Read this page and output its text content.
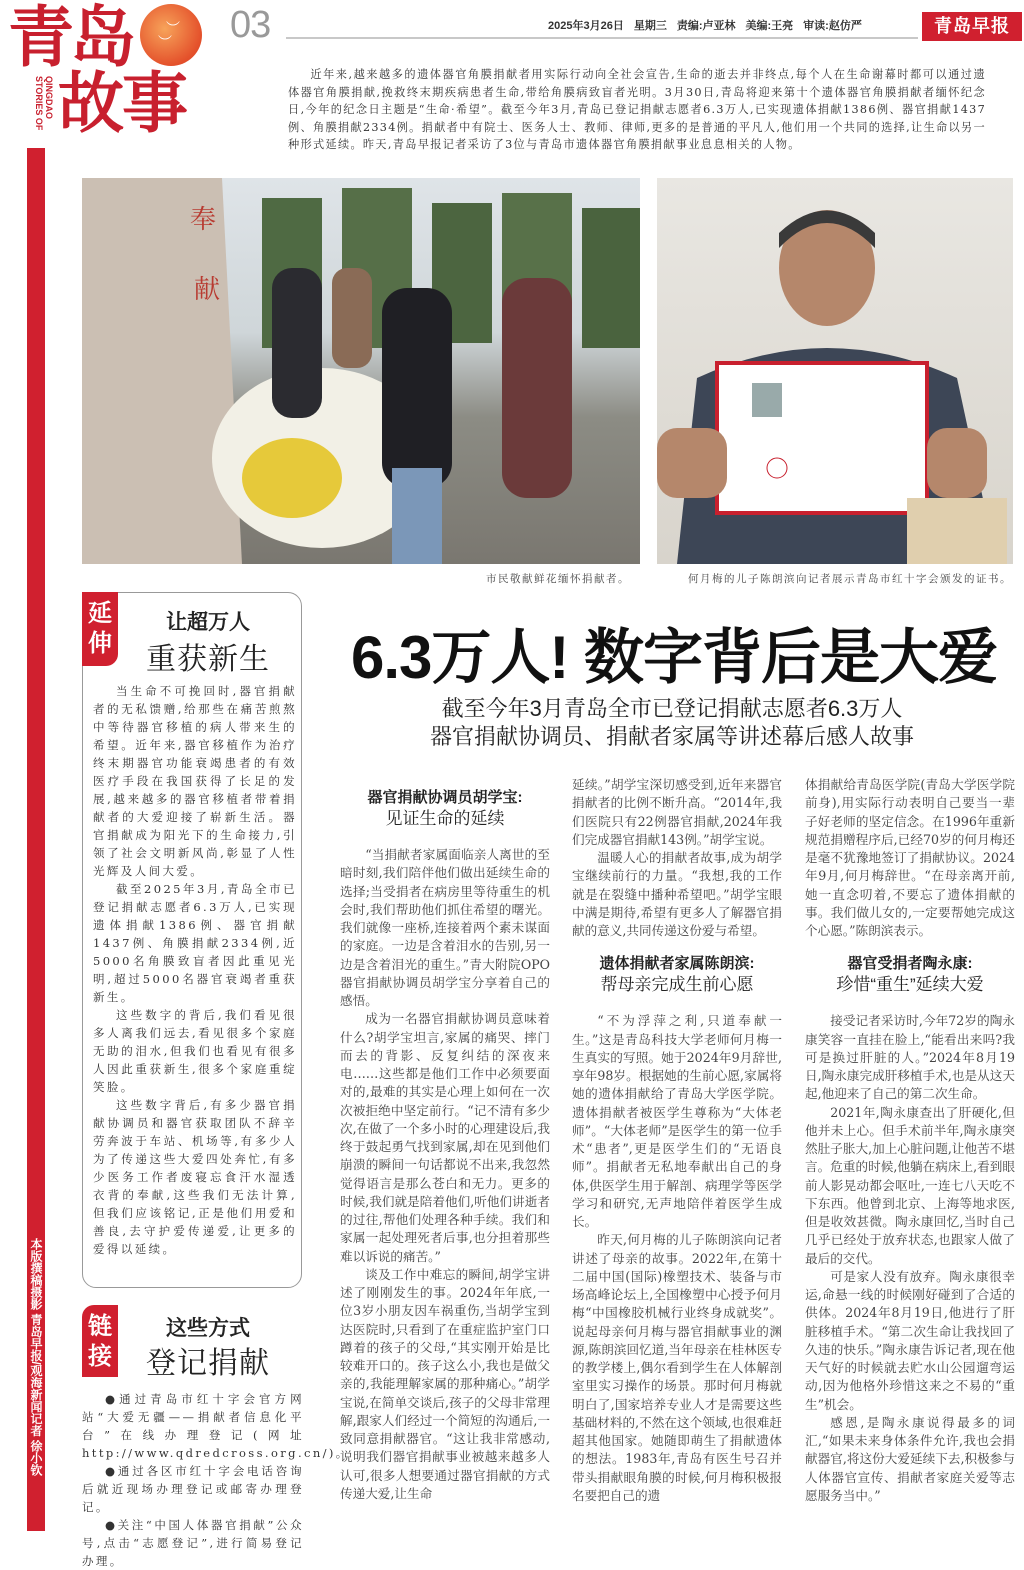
︶
︶
青岛
故事
QINGDAO STORIES OF
本版撰稿摄影 青岛早报/观海新闻记者 徐小钦
03	2025年3月26日 星期三 责编:卢亚林 美编:王亮 审读:赵仿严	青岛早报
近年来,越来越多的遗体器官角膜捐献者用实际行动向全社会宣告,生命的逝去并非终点,每个人在生命谢幕时都可以通过遗体器官角膜捐献,挽救终末期疾病患者生命,带给角膜病致盲者光明。3月30日,青岛将迎来第十个遗体器官角膜捐献者缅怀纪念日,今年的纪念日主题是“生命·希望”。截至今年3月,青岛已登记捐献志愿者6.3万人,已实现遗体捐献1386例、器官捐献1437例、角膜捐献2334例。捐献者中有院士、医务人士、教师、律师,更多的是普通的平凡人,他们用一个共同的选择,让生命以另一种形式延续。昨天,青岛早报记者采访了3位与青岛市遗体器官角膜捐献事业息息相关的人物。
奉
献
市民敬献鲜花缅怀捐献者。	何月梅的儿子陈朗滨向记者展示青岛市红十字会颁发的证书。
延伸
让超万人
重获新生

当生命不可挽回时,器官捐献者的无私馈赠,给那些在痛苦煎熬中等待器官移植的病人带来生的希望。近年来,器官移植作为治疗终末期器官功能衰竭患者的有效医疗手段在我国获得了长足的发展,越来越多的器官移植者带着捐献者的大爱迎接了崭新生活。器官捐献成为阳光下的生命接力,引领了社会文明新风尚,彰显了人性光辉及人间大爱。

截至2025年3月,青岛全市已登记捐献志愿者6.3万人,已实现遗体捐献1386例、器官捐献1437例、角膜捐献2334例,近5000名角膜致盲者因此重见光明,超过5000名器官衰竭者重获新生。

这些数字的背后,我们看见很多人离我们远去,看见很多个家庭无助的泪水,但我们也看见有很多人因此重获新生,很多个家庭重绽笑脸。

这些数字背后,有多少器官捐献协调员和器官获取团队不辞辛劳奔波于车站、机场等,有多少人为了传递这些大爱四处奔忙,有多少医务工作者废寝忘食汗水湿透衣背的奉献,这些我们无法计算,但我们应该铭记,正是他们用爱和善良,去守护爱传递爱,让更多的爱得以延续。

链接
这些方式
登记捐献

●通过青岛市红十字会官方网站“大爱无疆——捐献者信息化平台”在线办理登记(网址http://www.qdredcross.org.cn/)。

●通过各区市红十字会电话咨询后就近现场办理登记或邮寄办理登记。

●关注“中国人体器官捐献”公众号,点击“志愿登记”,进行简易登记办理。

6.3万人! 数字背后是大爱
截至今年3月青岛全市已登记捐献志愿者6.3万人
器官捐献协调员、捐献者家属等讲述幕后感人故事
器官捐献协调员胡学宝:
见证生命的延续

“当捐献者家属面临亲人离世的至暗时刻,我们陪伴他们做出延续生命的选择;当受捐者在病房里等待重生的机会时,我们帮助他们抓住希望的曙光。我们就像一座桥,连接着两个素未谋面的家庭。一边是含着泪水的告别,另一边是含着泪光的重生。”青大附院OPO器官捐献协调员胡学宝分享着自己的感悟。

成为一名器官捐献协调员意味着什么?胡学宝坦言,家属的痛哭、摔门而去的背影、反复纠结的深夜来电……这些都是他们工作中必须要面对的,最难的其实是心理上如何在一次次被拒绝中坚定前行。“记不清有多少次,在做了一个多小时的心理建设后,我终于鼓起勇气找到家属,却在见到他们崩溃的瞬间一句话都说不出来,我忽然觉得语言是那么苍白和无力。更多的时候,我们就是陪着他们,听他们讲逝者的过往,帮他们处理各种手续。我们和家属一起处理死者后事,也分担着那些难以诉说的痛苦。”

谈及工作中难忘的瞬间,胡学宝讲述了刚刚发生的事。2024年年底,一位3岁小朋友因车祸重伤,当胡学宝到达医院时,只看到了在重症监护室门口蹲着的孩子的父母,“其实刚开始是比较难开口的。孩子这么小,我也是做父亲的,我能理解家属的那种痛心。”胡学宝说,在简单交谈后,孩子的父母非常理解,跟家人们经过一个简短的沟通后,一致同意捐献器官。“这让我非常感动,说明我们器官捐献事业被越来越多人认可,很多人想要通过器官捐献的方式传递大爱,让生命

延续。”胡学宝深切感受到,近年来器官捐献者的比例不断升高。“2014年,我们医院只有22例器官捐献,2024年我们完成器官捐献143例。”胡学宝说。

温暖人心的捐献者故事,成为胡学宝继续前行的力量。“我想,我的工作就是在裂缝中播种希望吧。”胡学宝眼中满是期待,希望有更多人了解器官捐献的意义,共同传递这份爱与希望。

遗体捐献者家属陈朗滨:
帮母亲完成生前心愿

“不为浮萍之利,只道奉献一生。”这是青岛科技大学老师何月梅一生真实的写照。她于2024年9月辞世,享年98岁。根据她的生前心愿,家属将她的遗体捐献给了青岛大学医学院。遗体捐献者被医学生尊称为“大体老师”。“大体老师”是医学生的第一位手术“患者”,更是医学生们的“无语良师”。捐献者无私地奉献出自己的身体,供医学生用于解剖、病理学等医学学习和研究,无声地陪伴着医学生成长。

昨天,何月梅的儿子陈朗滨向记者讲述了母亲的故事。2022年,在第十二届中国(国际)橡塑技术、装备与市场高峰论坛上,全国橡塑中心授予何月梅“中国橡胶机械行业终身成就奖”。说起母亲何月梅与器官捐献事业的渊源,陈朗滨回忆道,当年母亲在桂林医专的教学楼上,偶尔看到学生在人体解剖室里实习操作的场景。那时何月梅就明白了,国家培养专业人才是需要这些基础材料的,不然在这个领域,也很难赶超其他国家。她随即萌生了捐献遗体的想法。1983年,青岛有医生号召并带头捐献眼角膜的时候,何月梅积极报名要把自己的遗

体捐献给青岛医学院(青岛大学医学院前身),用实际行动表明自己要当一辈子好老师的坚定信念。在1996年重新规范捐赠程序后,已经70岁的何月梅还是毫不犹豫地签订了捐献协议。2024年9月,何月梅辞世。“在母亲离开前,她一直念叨着,不要忘了遗体捐献的事。我们做儿女的,一定要帮她完成这个心愿。”陈朗滨表示。

器官受捐者陶永康:
珍惜“重生”延续大爱

接受记者采访时,今年72岁的陶永康笑容一直挂在脸上,“能看出来吗?我可是换过肝脏的人。”2024年8月19日,陶永康完成肝移植手术,也是从这天起,他迎来了自己的第二次生命。

2021年,陶永康查出了肝硬化,但他并未上心。但手术前半年,陶永康突然肚子胀大,加上心脏问题,让他苦不堪言。危重的时候,他躺在病床上,看到眼前人影晃动都会呕吐,一连七八天吃不下东西。他曾到北京、上海等地求医,但是收效甚微。陶永康回忆,当时自己几乎已经处于放弃状态,也跟家人做了最后的交代。

可是家人没有放弃。陶永康很幸运,命悬一线的时候刚好碰到了合适的供体。2024年8月19日,他进行了肝脏移植手术。“第二次生命让我找回了久违的快乐。”陶永康告诉记者,现在他天气好的时候就去贮水山公园遛弯运动,因为他格外珍惜这来之不易的“重生”机会。

感恩,是陶永康说得最多的词汇,“如果未来身体条件允许,我也会捐献器官,将这份大爱延续下去,积极参与人体器官宣传、捐献者家庭关爱等志愿服务当中。”
